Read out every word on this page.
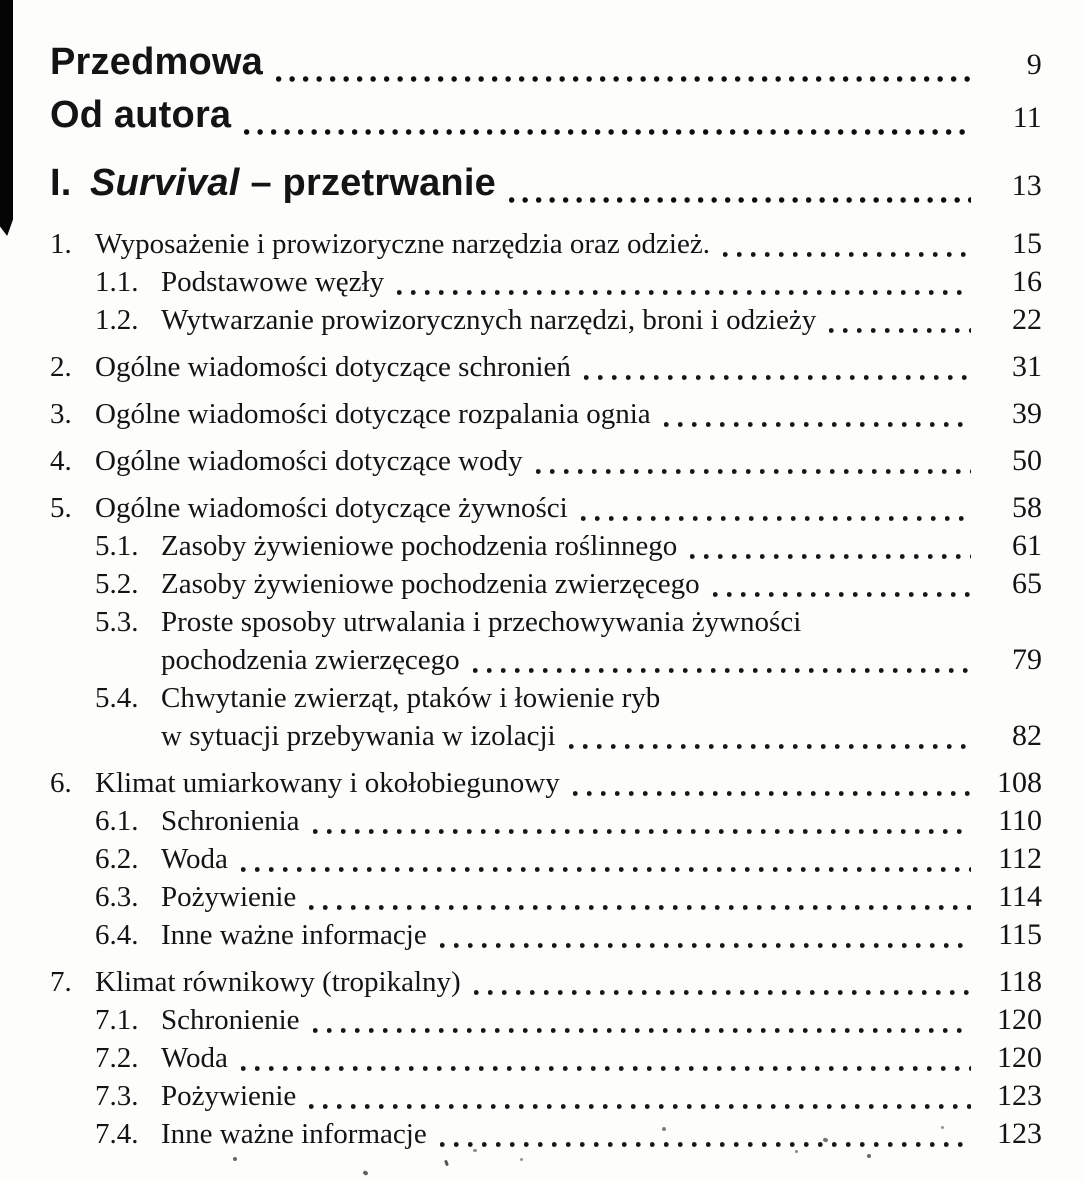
Przedmowa	9
Od autora	11
I. Survival – przetrwanie	13
1. Wyposażenie i prowizoryczne narzędzia oraz odzież.	15
1.1. Podstawowe węzły	16
1.2. Wytwarzanie prowizorycznych narzędzi, broni i odzieży	22
2. Ogólne wiadomości dotyczące schronień	31
3. Ogólne wiadomości dotyczące rozpalania ognia	39
4. Ogólne wiadomości dotyczące wody	50
5. Ogólne wiadomości dotyczące żywności	58
5.1. Zasoby żywieniowe pochodzenia roślinnego	61
5.2. Zasoby żywieniowe pochodzenia zwierzęcego	65
5.3. Proste sposoby utrwalania i przechowywania żywności
pochodzenia zwierzęcego	79
5.4. Chwytanie zwierząt, ptaków i łowienie ryb
w sytuacji przebywania w izolacji	82
6. Klimat umiarkowany i okołobiegunowy	108
6.1. Schronienia	110
6.2. Woda	112
6.3. Pożywienie	114
6.4. Inne ważne informacje	115
7. Klimat równikowy (tropikalny)	118
7.1. Schronienie	120
7.2. Woda	120
7.3. Pożywienie	123
7.4. Inne ważne informacje	123
